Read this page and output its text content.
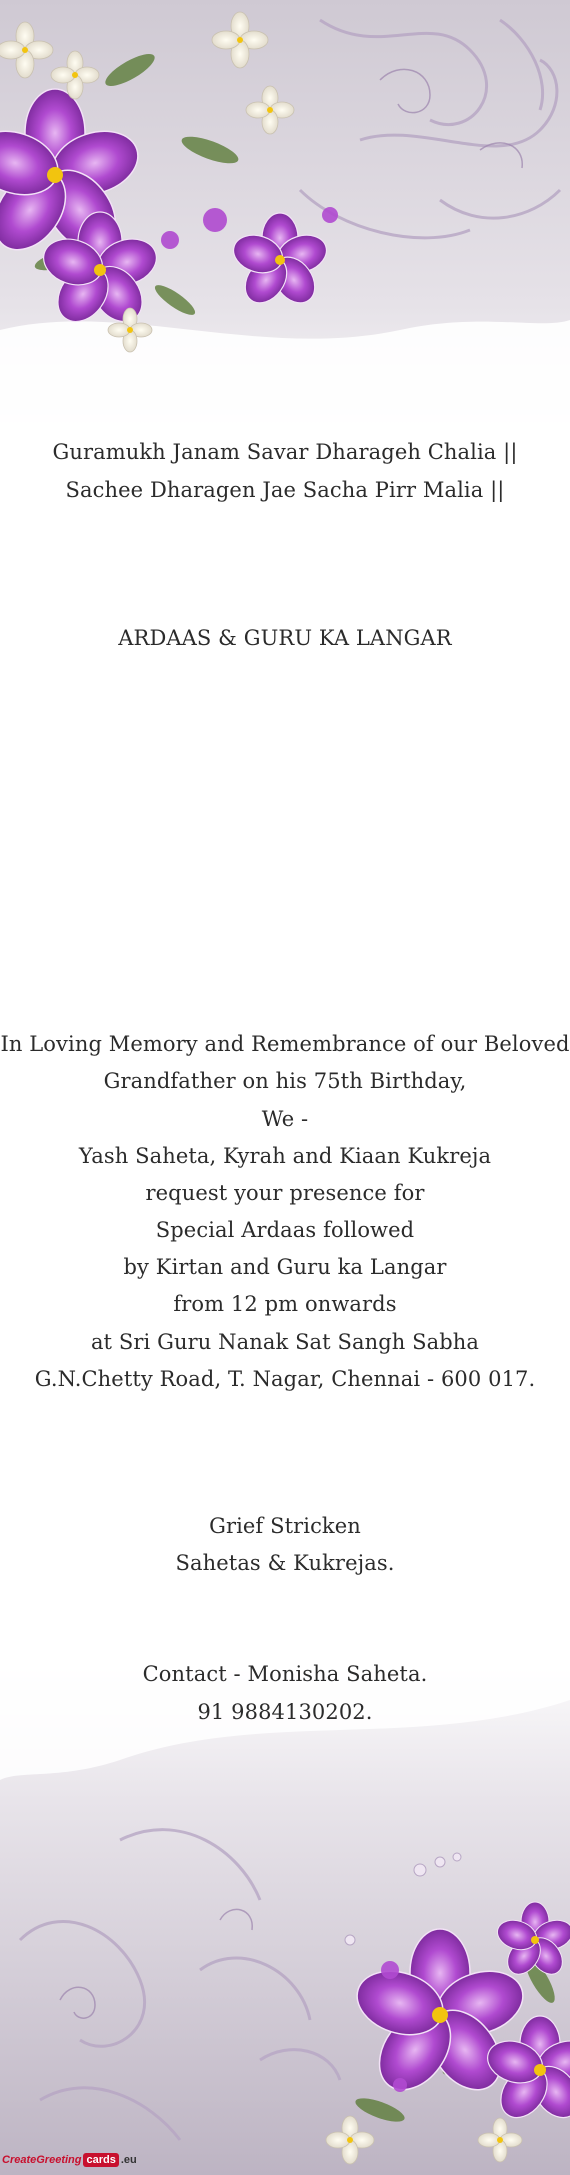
Guramukh Janam Savar Dharageh Chalia ||
Sachee Dharagen Jae Sacha Pirr Malia ||
ARDAAS & GURU KA LANGAR
In Loving Memory and Remembrance of our Beloved
Grandfather on his 75th Birthday,
We -
Yash Saheta, Kyrah and Kiaan Kukreja
request your presence for
Special Ardaas followed
by Kirtan and Guru ka Langar
from 12 pm onwards
at Sri Guru Nanak Sat Sangh Sabha
G.N.Chetty Road, T. Nagar, Chennai - 600 017.
Grief Stricken
Sahetas & Kukrejas.
Contact - Monisha Saheta.
91 9884130202.
CreateGreeting cards .eu
